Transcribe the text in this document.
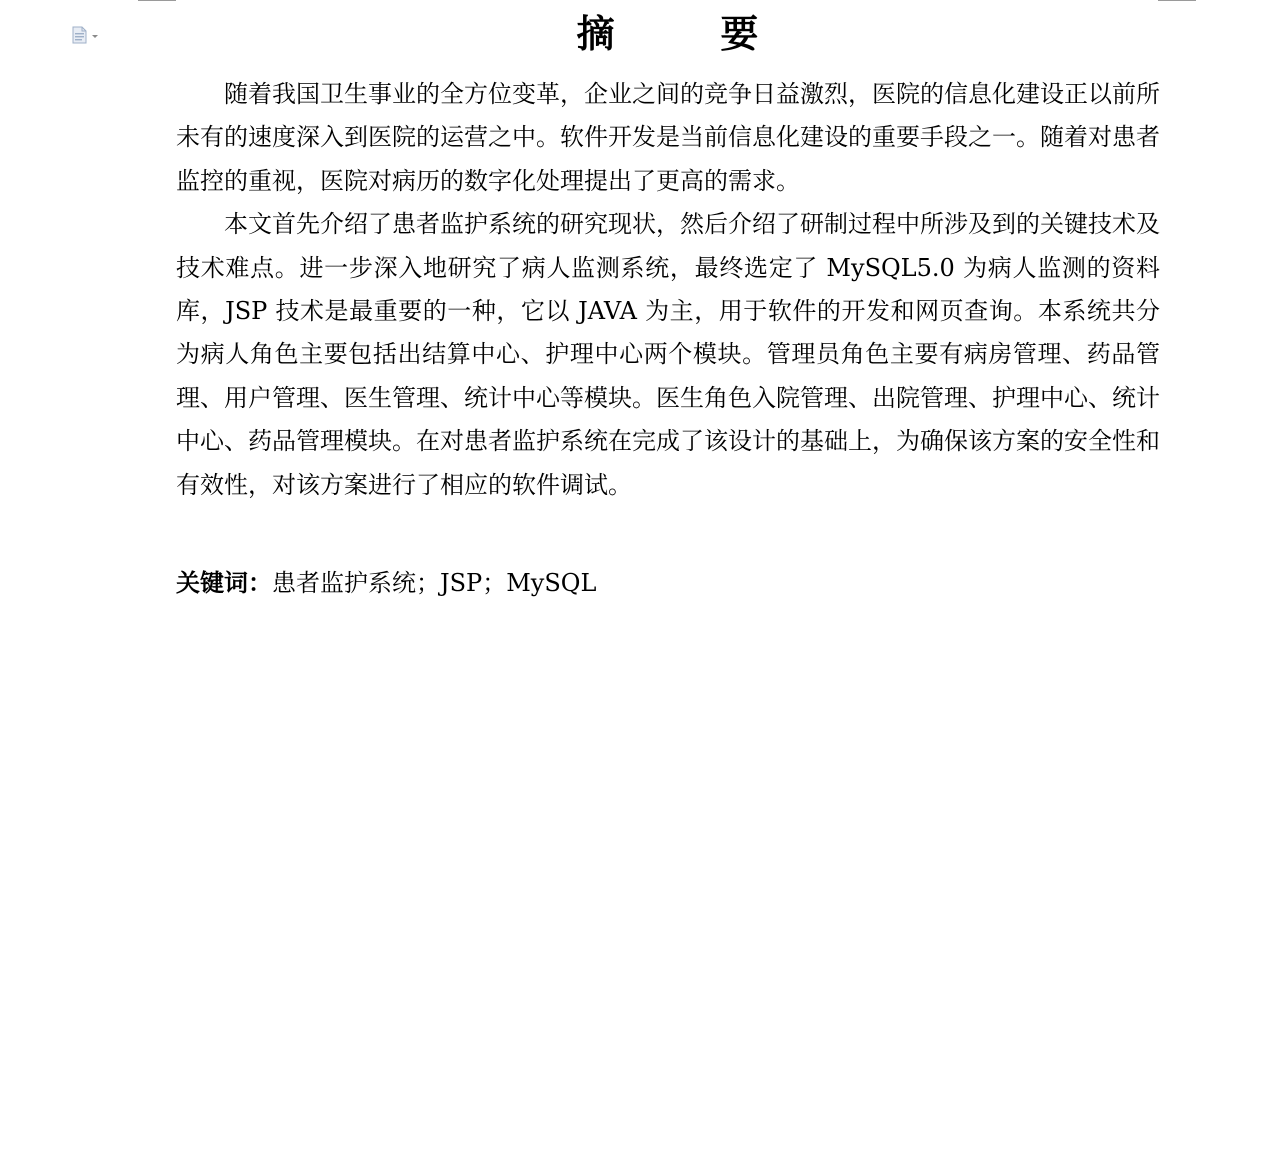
摘        要

随着我国卫生事业的全方位变革，企业之间的竞争日益激烈，医院的信息化建设正以前所未有的速度深入到医院的运营之中。软件开发是当前信息化建设的重要手段之一。随着对患者监控的重视，医院对病历的数字化处理提出了更高的需求。

本文首先介绍了患者监护系统的研究现状，然后介绍了研制过程中所涉及到的关键技术及技术难点。进一步深入地研究了病人监测系统，最终选定了 MySQL5.0 为病人监测的资料库，JSP 技术是最重要的一种，它以 JAVA 为主，用于软件的开发和网页查询。本系统共分为病人角色主要包括出结算中心、护理中心两个模块。管理员角色主要有病房管理、药品管理、用户管理、医生管理、统计中心等模块。医生角色入院管理、出院管理、护理中心、统计中心、药品管理模块。在对患者监护系统在完成了该设计的基础上，为确保该方案的安全性和有效性，对该方案进行了相应的软件调试。

关键词：患者监护系统；JSP；MySQL
